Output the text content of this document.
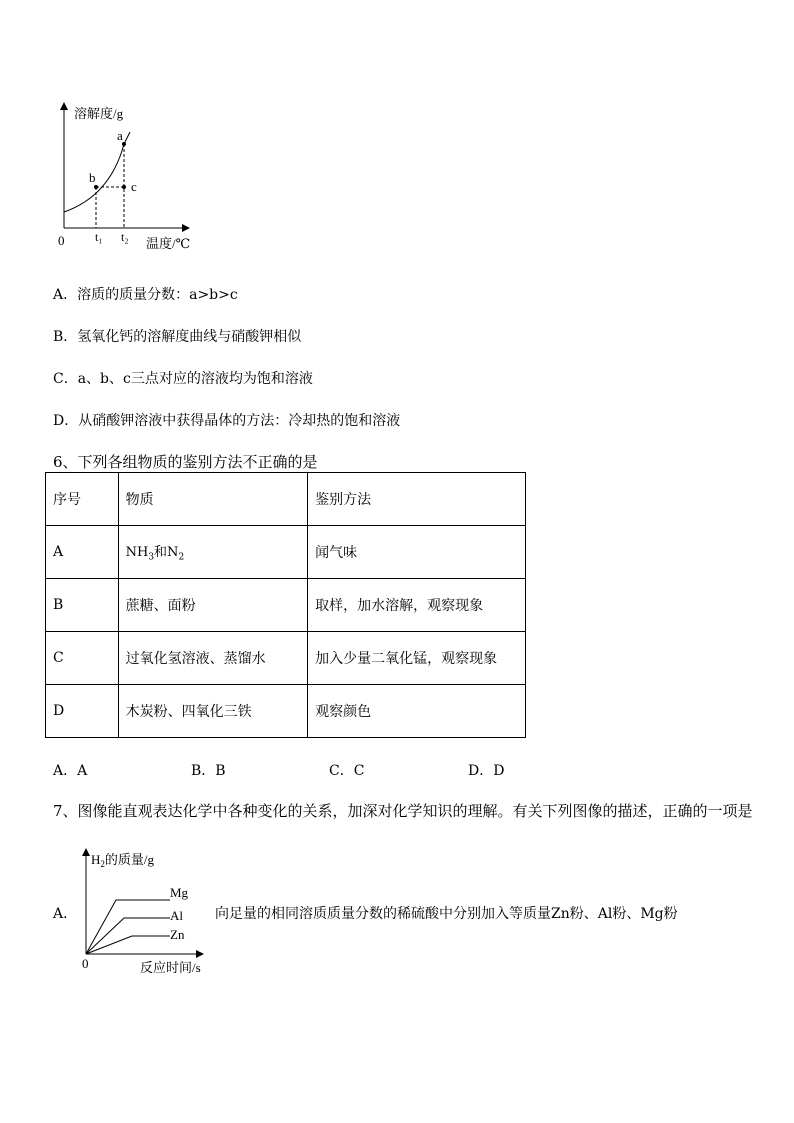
溶解度/g
a
b
c
0	t₁ t₂ 温度/℃
A．溶质的质量分数：a>b>c
B．氢氧化钙的溶解度曲线与硝酸钾相似
C．a、b、c三点对应的溶液均为饱和溶液
D．从硝酸钾溶液中获得晶体的方法：冷却热的饱和溶液
6、下列各组物质的鉴别方法不正确的是
序号	物质	鉴别方法
A	$NH_3$和$N_2$	闻气味
B	蔗糖、面粉	取样，加水溶解，观察现象
C	过氧化氢溶液、蒸馏水	加入少量二氧化锰，观察现象
D	木炭粉、四氧化三铁	观察颜色
A．A	B．B	C．C	D．D
7、图像能直观表达化学中各种变化的关系，加深对化学知识的理解。有关下列图像的描述，正确的一项是
A．
$H_2$的质量/g
Mg
Al
Zn
0	反应时间/s
向足量的相同溶质质量分数的稀硫酸中分别加入等质量Zn粉、Al粉、Mg粉
